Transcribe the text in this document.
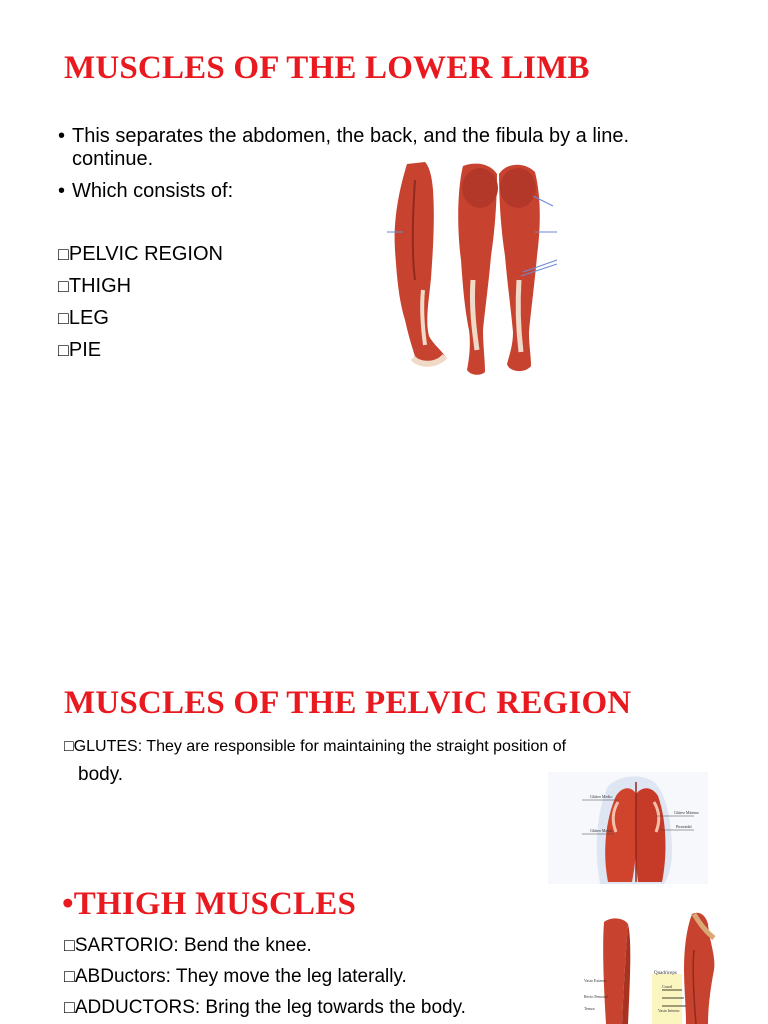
MUSCLES OF THE LOWER LIMB
• This separates the abdomen, the back, and the fibula by a line.
continue.
• Which consists of:
□PELVIC REGION
□THIGH
□LEG
□PIE
MUSCLES OF THE PELVIC REGION
□GLUTES: They are responsible for maintaining the straight position of
body.
Glúteo Medio
Glúteo Mayor
Glúteo Mínimo
Piramidal
•THIGH MUSCLES
□SARTORIO: Bend the knee.
□ABDuctors: They move the leg laterally.
□ADDUCTORS: Bring the leg towards the body.
Quadriceps
Crural
Vasto Externo
Vasto Interno
Recto Femoral
Tensor
